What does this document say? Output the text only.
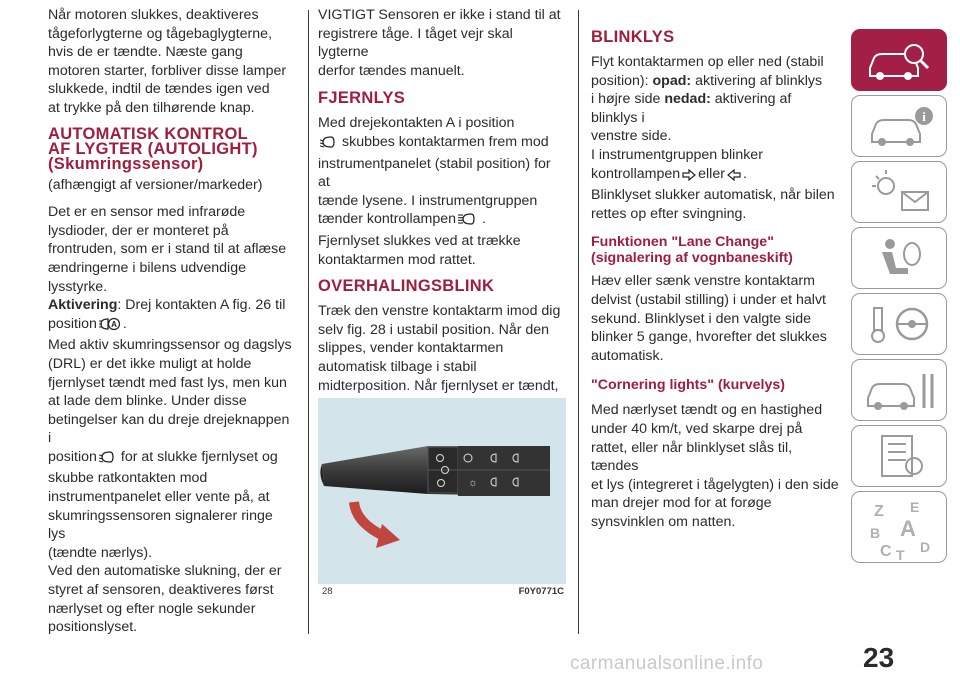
Når motoren slukkes, deaktiveres

tågeforlygterne og tågebaglygterne,

hvis de er tændte. Næste gang

motoren starter, forbliver disse lamper

slukkede, indtil de tændes igen ved

at trykke på den tilhørende knap.

AUTOMATISK KONTROL
AF LYGTER (AUTOLIGHT)
(Skumringssensor)

(afhængigt af versioner/markeder)

Det er en sensor med infrarøde

lysdioder, der er monteret på

frontruden, som er i stand til at aflæse

ændringerne i bilens udvendige

lysstyrke.

Aktivering: Drej kontakten A fig. 26 til

position A .

Med aktiv skumringssensor og dagslys

(DRL) er det ikke muligt at holde

fjernlyset tændt med fast lys, men kun

at lade dem blinke. Under disse

betingelser kan du dreje drejeknappen i

position for at slukke fjernlyset og

skubbe ratkontakten mod

instrumentpanelet eller vente på, at

skumringssensoren signalerer ringe lys

(tændte nærlys).

Ved den automatiske slukning, der er

styret af sensoren, deaktiveres først

nærlyset og efter nogle sekunder

positionslyset.

VIGTIGT Sensoren er ikke i stand til at

registrere tåge. I tåget vejr skal lygterne

derfor tændes manuelt.

FJERNLYS

Med drejekontakten A i position

skubbes kontaktarmen frem mod

instrumentpanelet (stabil position) for at

tænde lysene. I instrumentgruppen

tænder kontrollampen .

Fjernlyset slukkes ved at trække

kontaktarmen mod rattet.

OVERHALINGSBLINK

Træk den venstre kontaktarm imod dig

selv fig. 28 i ustabil position. Når den

slippes, vender kontaktarmen

automatisk tilbage i stabil

midterposition. Når fjernlyset er tændt,

☼
28	F0Y0771C
BLINKLYS

Flyt kontaktarmen op eller ned (stabil

position): opad: aktivering af blinklys

i højre side nedad: aktivering af blinklys i

venstre side.

I instrumentgruppen blinker

kontrollampen eller .

Blinklyset slukker automatisk, når bilen

rettes op efter svingning.

Funktionen "Lane Change"
(signalering af vognbaneskift)

Hæv eller sænk venstre kontaktarm

delvist (ustabil stilling) i under et halvt

sekund. Blinklyset i den valgte side

blinker 5 gange, hvorefter det slukkes

automatisk.

"Cornering lights" (kurvelys)

Med nærlyset tændt og en hastighed

under 40 km/t, ved skarpe drej på

rattet, eller når blinklyset slås til, tændes

et lys (integreret i tågelygten) i den side

man drejer mod for at forøge

synsvinklen om natten.

i
Z E
B A
C D
T
23
carmanualsonline.info
